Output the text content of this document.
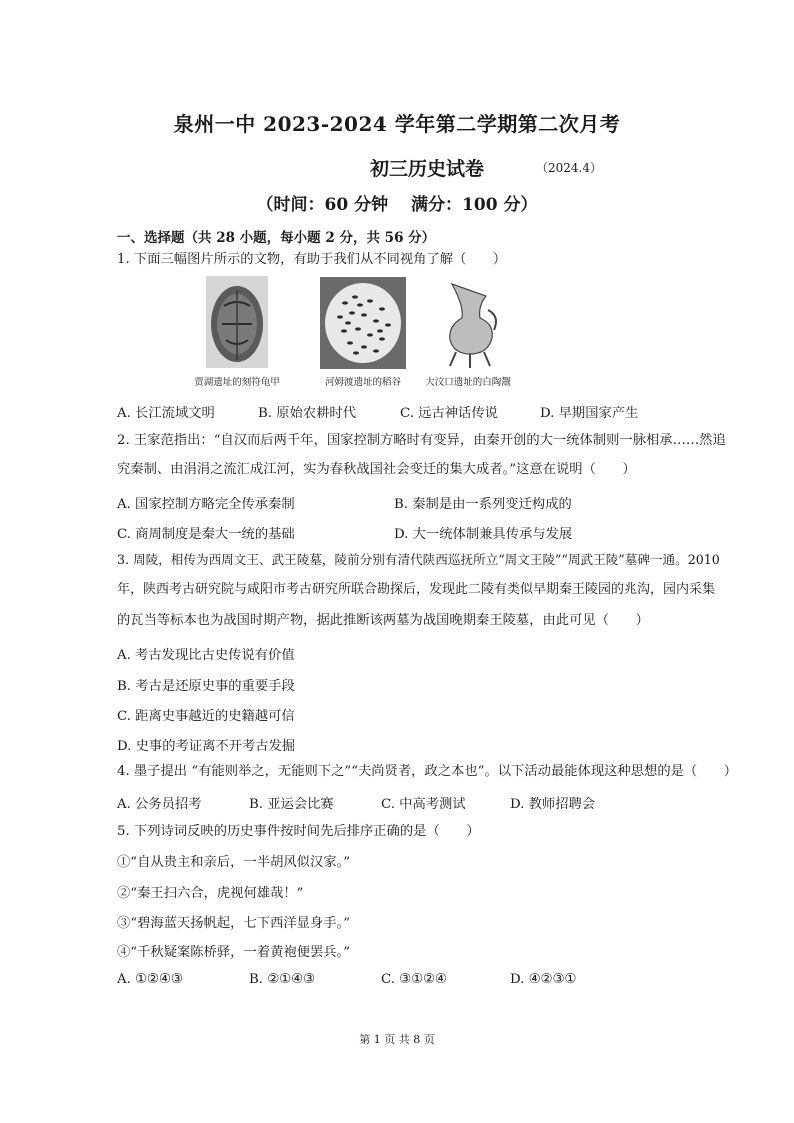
泉州一中 2023-2024 学年第二学期第二次月考
初三历史试卷	（2024.4）
（时间：60 分钟　 满分：100 分）
一、选择题（共 28 小题，每小题 2 分，共 56 分）
1. 下面三幅图片所示的文物，有助于我们从不同视角了解（　　）
贾湖遗址的刻符龟甲	河姆渡遗址的稻谷	大汶口遗址的白陶鬶
A. 长江流域文明	B. 原始农耕时代	C. 远古神话传说	D. 早期国家产生
2. 王家范指出：“自汉而后两千年，国家控制方略时有变异，由秦开创的大一统体制则一脉相承……然追
究秦制、由涓涓之流汇成江河，实为春秋战国社会变迁的集大成者。”这意在说明（　　）
A. 国家控制方略完全传承秦制	B. 秦制是由一系列变迁构成的
C. 商周制度是秦大一统的基础	D. 大一统体制兼具传承与发展
3. 周陵，相传为西周文王、武王陵墓，陵前分别有清代陕西巡抚所立“周文王陵”“周武王陵”墓碑一通。2010
年，陕西考古研究院与咸阳市考古研究所联合勘探后，发现此二陵有类似早期秦王陵园的兆沟，园内采集
的瓦当等标本也为战国时期产物，据此推断该两墓为战国晚期秦王陵墓，由此可见（　　）
A. 考古发现比古史传说有价值
B. 考古是还原史事的重要手段
C. 距离史事越近的史籍越可信
D. 史事的考证离不开考古发掘
4. 墨子提出 “有能则举之，无能则下之”“夫尚贤者，政之本也”。以下活动最能体现这种思想的是（　　）
A. 公务员招考	B. 亚运会比赛	C. 中高考测试	D. 教师招聘会
5. 下列诗词反映的历史事件按时间先后排序正确的是（　　）
①“自从贵主和亲后，一半胡风似汉家。”
②“秦王扫六合，虎视何雄哉！”
③“碧海蓝天扬帆起，七下西洋显身手。”
④“千秋疑案陈桥驿，一着黄袍便罢兵。”
A. ①②④③	B. ②①④③	C. ③①②④	D. ④②③①
第 1 页 共 8 页
